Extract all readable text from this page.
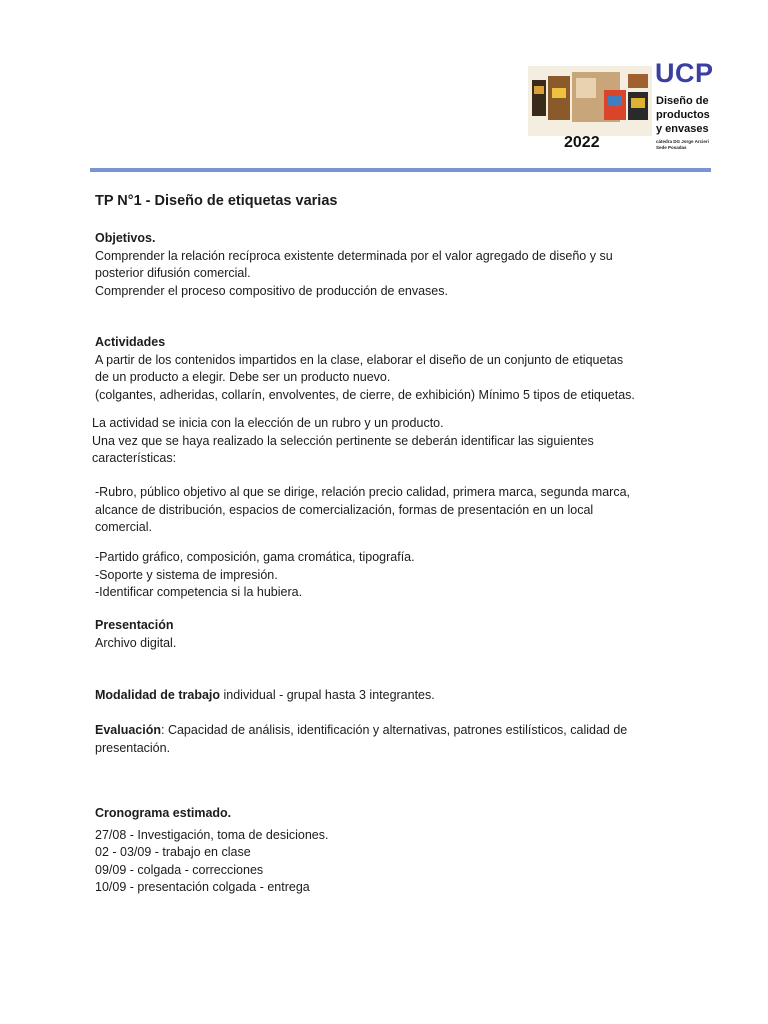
2022
UCP
Diseño de
productos
y envases
cátedra DG Jorge Arcieri
Sede Posadas
TP N°1 - Diseño de etiquetas varias
Objetivos.
Comprender la relación recíproca existente determinada por el valor agregado de diseño y su
posterior difusión comercial.
Comprender el proceso compositivo de producción de envases.
Actividades
A partir de los contenidos impartidos en la clase, elaborar el diseño de un conjunto de etiquetas
de un producto a elegir. Debe ser un producto nuevo.
(colgantes, adheridas, collarín, envolventes, de cierre, de exhibición) Mínimo 5 tipos de etiquetas.
La actividad se inicia con la elección de un rubro y un producto.
Una vez que se haya realizado la selección pertinente se deberán identificar las siguientes
características:
-Rubro, público objetivo al que se dirige, relación precio calidad, primera marca, segunda marca,
alcance de distribución, espacios de comercialización, formas de presentación en un local
comercial.
-Partido gráfico, composición, gama cromática, tipografía.
-Soporte y sistema de impresión.
-Identificar competencia si la hubiera.
Presentación
Archivo digital.
Modalidad de trabajo individual - grupal hasta 3 integrantes.
Evaluación: Capacidad de análisis, identificación y alternativas, patrones estilísticos, calidad de
presentación.
Cronograma estimado.
27/08 - Investigación, toma de desiciones.
02 - 03/09 - trabajo en clase
09/09 - colgada - correcciones
10/09 - presentación colgada - entrega
